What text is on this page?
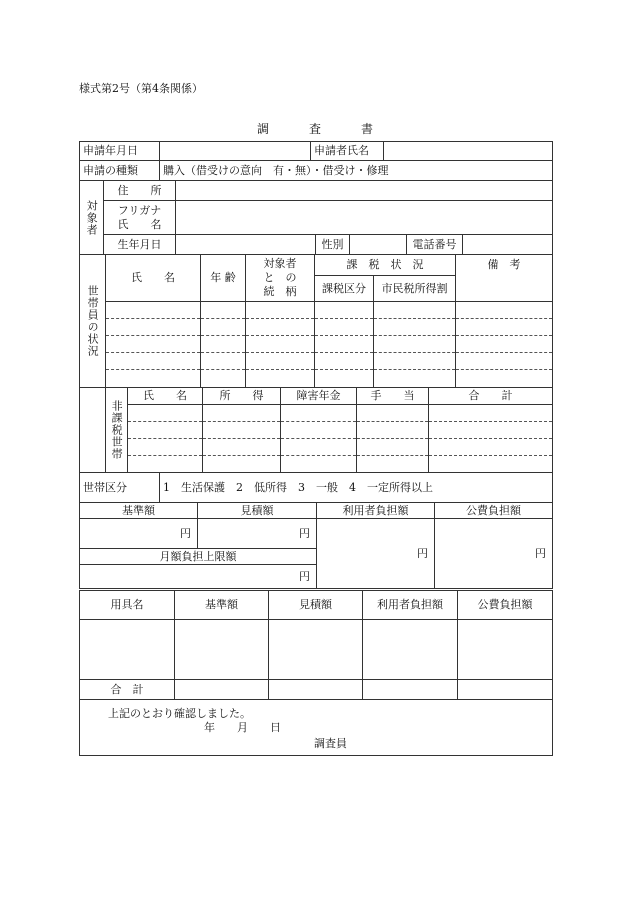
様式第2号（第4条関係）
調	査	書
申請年月日		申請者氏名	
申請の種類	購入（借受けの意向　有・無）・借受け・修理		
対象者	住　　所					

	フリガナ
氏　　名					

	生年月日		性別		電話番号	
世帯員の状況	氏　　名	年 齢	対象者
と　の
続　柄	課　税　状　況		備　考
				課税区分	市民税所得割	

	非課税世帯	氏　　名	所　　得	障害年金	手　　当	合　　計

世帯区分	1　生活保護　2　低所得　3　一般　4　一定所得以上
基準額	見積額	利用者負担額	公費負担額
円	円	円	円
月額負担上限額			
円			
用具名	基準額	見積額	利用者負担額	公費負担額

合　計				
上記のとおり確認しました。
年　　月　　日
調査員
